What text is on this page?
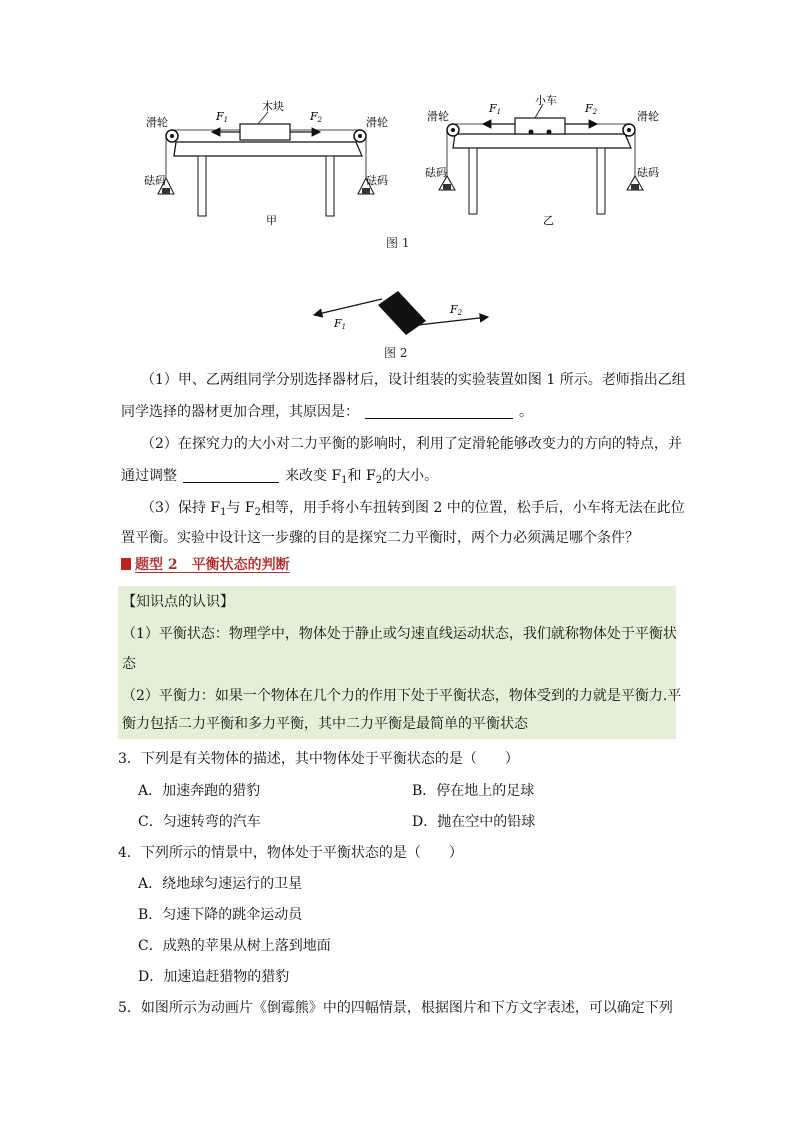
木块
滑轮	滑轮
砝码	砝码
F1	F2
甲
小车
滑轮	滑轮
砝码	砝码
F1	F2
乙
图 1
F1
F2
图 2

（1）甲、乙两组同学分别选择器材后，设计组装的实验装置如图 1 所示。老师指出乙组

同学选择的器材更加合理，其原因是：	。

（2）在探究力的大小对二力平衡的影响时，利用了定滑轮能够改变力的方向的特点，并

通过调整	来改变 $F_1$和 $F_2$的大小。

（3）保持 $F_1$与 $F_2$相等，用手将小车扭转到图 2 中的位置，松手后，小车将无法在此位

置平衡。实验中设计这一步骤的目的是探究二力平衡时，两个力必须满足哪个条件？

题型 2　平衡状态的判断
【知识点的认识】
（1）平衡状态：物理学中，物体处于静止或匀速直线运动状态，我们就称物体处于平衡状
态
（2）平衡力：如果一个物体在几个力的作用下处于平衡状态，物体受到的力就是平衡力.平
衡力包括二力平衡和多力平衡，其中二力平衡是最简单的平衡状态
3．下列是有关物体的描述，其中物体处于平衡状态的是（　　）
A．加速奔跑的猎豹	B．停在地上的足球
C．匀速转弯的汽车	D．抛在空中的铅球
4．下列所示的情景中，物体处于平衡状态的是（　　）
A．绕地球匀速运行的卫星
B．匀速下降的跳伞运动员
C．成熟的苹果从树上落到地面
D．加速追赶猎物的猎豹
5．如图所示为动画片《倒霉熊》中的四幅情景，根据图片和下方文字表述，可以确定下列
